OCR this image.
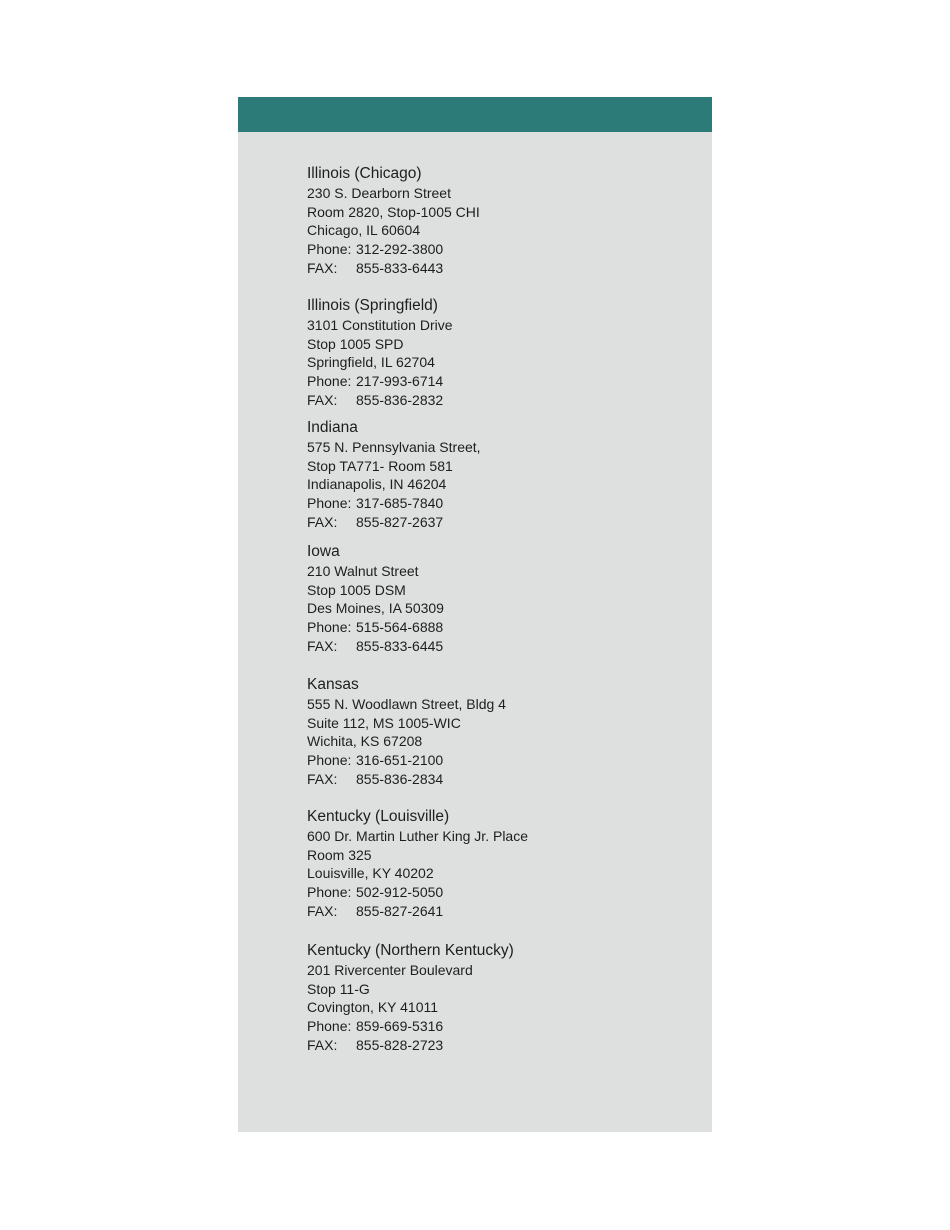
Illinois (Chicago)
230 S. Dearborn Street
Room 2820, Stop-1005 CHI
Chicago, IL 60604
Phone: 312-292-3800
FAX: 855-833-6443
Illinois (Springfield)
3101 Constitution Drive
Stop 1005 SPD
Springfield, IL 62704
Phone: 217-993-6714
FAX: 855-836-2832
Indiana
575 N. Pennsylvania Street,
Stop TA771- Room 581
Indianapolis, IN 46204
Phone: 317-685-7840
FAX: 855-827-2637
Iowa
210 Walnut Street
Stop 1005 DSM
Des Moines, IA 50309
Phone: 515-564-6888
FAX: 855-833-6445
Kansas
555 N. Woodlawn Street, Bldg 4
Suite 112, MS 1005-WIC
Wichita, KS 67208
Phone: 316-651-2100
FAX: 855-836-2834
Kentucky (Louisville)
600 Dr. Martin Luther King Jr. Place
Room 325
Louisville, KY 40202
Phone: 502-912-5050
FAX: 855-827-2641
Kentucky (Northern Kentucky)
201 Rivercenter Boulevard
Stop 11-G
Covington, KY 41011
Phone: 859-669-5316
FAX: 855-828-2723
